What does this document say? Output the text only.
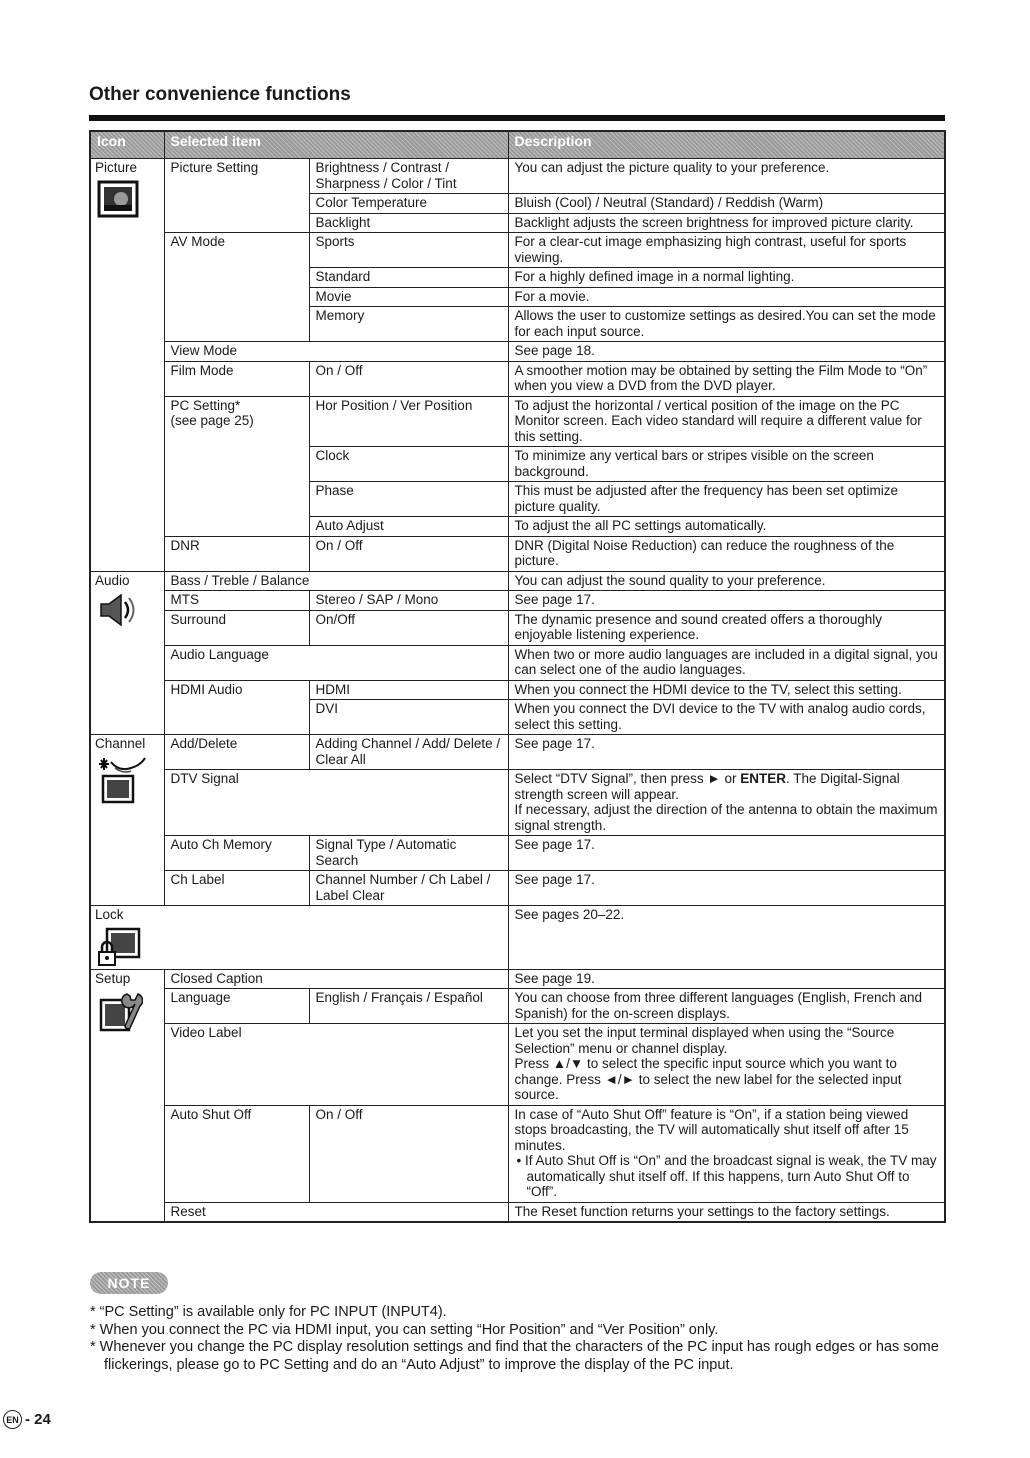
Other convenience functions
Icon	Selected item		Description

Picture	Picture Setting	Brightness / Contrast / Sharpness / Color / Tint	You can adjust the picture quality to your preference.
		Color Temperature	Bluish (Cool) / Neutral (Standard) / Reddish (Warm)
		Backlight	Backlight adjusts the screen brightness for improved picture clarity.
	AV Mode	Sports	For a clear-cut image emphasizing high contrast, useful for sports viewing.
		Standard	For a highly defined image in a normal lighting.
		Movie	For a movie.
		Memory	Allows the user to customize settings as desired.You can set the mode for each input source.
	View Mode		See page 18.
	Film Mode	On / Off	A smoother motion may be obtained by setting the Film Mode to “On” when you view a DVD from the DVD player.
	PC Setting*
(see page 25)	Hor Position / Ver Position	To adjust the horizontal / vertical position of the image on the PC Monitor screen. Each video standard will require a different value for this setting.
		Clock	To minimize any vertical bars or stripes visible on the screen background.
		Phase	This must be adjusted after the frequency has been set optimize picture quality.
		Auto Adjust	To adjust the all PC settings automatically.
	DNR	On / Off	DNR (Digital Noise Reduction) can reduce the roughness of the picture.

Audio	Bass / Treble / Balance		You can adjust the sound quality to your preference.
	MTS	Stereo / SAP / Mono	See page 17.
	Surround	On/Off	The dynamic presence and sound created offers a thoroughly enjoyable listening experience.
	Audio Language		When two or more audio languages are included in a digital signal, you can select one of the audio languages.
	HDMI Audio	HDMI	When you connect the HDMI device to the TV, select this setting.
		DVI	When you connect the DVI device to the TV with analog audio cords, select this setting.

Channel	Add/Delete	Adding Channel / Add/ Delete / Clear All	See page 17.
	DTV Signal		Select “DTV Signal”, then press ► or ENTER. The Digital-Signal strength screen will appear.
If necessary, adjust the direction of the antenna to obtain the maximum signal strength.
	Auto Ch Memory	Signal Type / Automatic Search	See page 17.
	Ch Label	Channel Number / Ch Label / Label Clear	See page 17.

Lock			See pages 20–22.

Setup	Closed Caption		See page 19.
	Language	English / Français / Español	You can choose from three different languages (English, French and Spanish) for the on-screen displays.
	Video Label		Let you set the input terminal displayed when using the “Source Selection” menu or channel display.
Press ▲/▼ to select the specific input source which you want to change. Press ◄/► to select the new label for the selected input source.
	Auto Shut Off	On / Off	In case of “Auto Shut Off” feature is “On”, if a station being viewed stops broadcasting, the TV will automatically shut itself off after 15 minutes.
• If Auto Shut Off is “On” and the broadcast signal is weak, the TV may automatically shut itself off. If this happens, turn Auto Shut Off to “Off”.

	Reset		The Reset function returns your settings to the factory settings.
NOTE
* “PC Setting” is available only for PC INPUT (INPUT4).
* When you connect the PC via HDMI input, you can setting “Hor Position” and “Ver Position” only.
* Whenever you change the PC display resolution settings and find that the characters of the PC input has rough edges or has some flickerings, please go to PC Setting and do an “Auto Adjust” to improve the display of the PC input.
EN - 24
